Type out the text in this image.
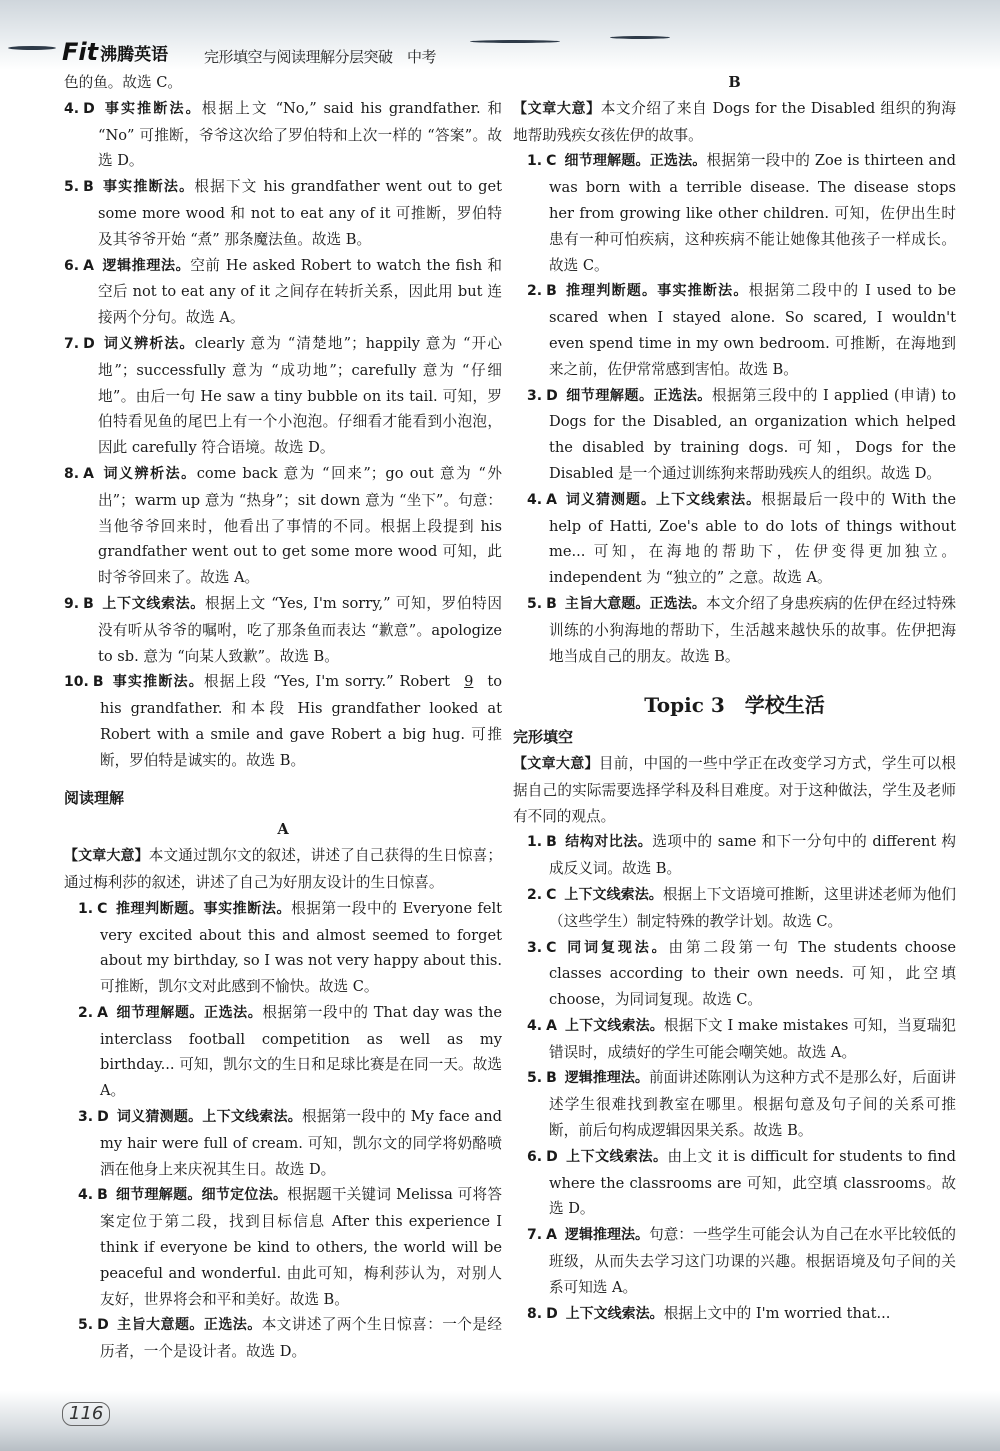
Fit 沸腾英语 完形填空与阅读理解分层突破　中考

色的鱼。故选 C。

4. D 事实推断法。根据上文 “No,” said his grandfather. 和 “No” 可推断，爷爷这次给了罗伯特和上次一样的 “答案”。故选 D。

5. B 事实推断法。根据下文 his grandfather went out to get some more wood 和 not to eat any of it 可推断，罗伯特及其爷爷开始 “煮” 那条魔法鱼。故选 B。

6. A 逻辑推理法。空前 He asked Robert to watch the fish 和空后 not to eat any of it 之间存在转折关系，因此用 but 连接两个分句。故选 A。

7. D 词义辨析法。clearly 意为 “清楚地”；happily 意为 “开心地”；successfully 意为 “成功地”；carefully 意为 “仔细地”。由后一句 He saw a tiny bubble on its tail. 可知，罗伯特看见鱼的尾巴上有一个小泡泡。仔细看才能看到小泡泡，因此 carefully 符合语境。故选 D。

8. A 词义辨析法。come back 意为 “回来”；go out 意为 “外出”；warm up 意为 “热身”；sit down 意为 “坐下”。句意：当他爷爷回来时，他看出了事情的不同。根据上段提到 his grandfather went out to get some more wood 可知，此时爷爷回来了。故选 A。

9. B 上下文线索法。根据上文 “Yes, I'm sorry,” 可知，罗伯特因没有听从爷爷的嘱咐，吃了那条鱼而表达 “歉意”。apologize to sb. 意为 “向某人致歉”。故选 B。

10. B 事实推断法。根据上段 “Yes, I'm sorry.” Robert 9 to his grandfather. 和本段 His grandfather looked at Robert with a smile and gave Robert a big hug. 可推断，罗伯特是诚实的。故选 B。

阅读理解

A

【文章大意】本文通过凯尔文的叙述，讲述了自己获得的生日惊喜；通过梅利莎的叙述，讲述了自己为好朋友设计的生日惊喜。

1. C 推理判断题。事实推断法。根据第一段中的 Everyone felt very excited about this and almost seemed to forget about my birthday, so I was not very happy about this. 可推断，凯尔文对此感到不愉快。故选 C。

2. A 细节理解题。正选法。根据第一段中的 That day was the interclass football competition as well as my birthday... 可知，凯尔文的生日和足球比赛是在同一天。故选 A。

3. D 词义猜测题。上下文线索法。根据第一段中的 My face and my hair were full of cream. 可知，凯尔文的同学将奶酪喷洒在他身上来庆祝其生日。故选 D。

4. B 细节理解题。细节定位法。根据题干关键词 Melissa 可将答案定位于第二段，找到目标信息 After this experience I think if everyone be kind to others, the world will be peaceful and wonderful. 由此可知，梅利莎认为，对别人友好，世界将会和平和美好。故选 B。

5. D 主旨大意题。正选法。本文讲述了两个生日惊喜：一个是经历者，一个是设计者。故选 D。

B

【文章大意】本文介绍了来自 Dogs for the Disabled 组织的狗海地帮助残疾女孩佐伊的故事。

1. C 细节理解题。正选法。根据第一段中的 Zoe is thirteen and was born with a terrible disease. The disease stops her from growing like other children. 可知，佐伊出生时患有一种可怕疾病，这种疾病不能让她像其他孩子一样成长。故选 C。

2. B 推理判断题。事实推断法。根据第二段中的 I used to be scared when I stayed alone. So scared, I wouldn't even spend time in my own bedroom. 可推断，在海地到来之前，佐伊常常感到害怕。故选 B。

3. D 细节理解题。正选法。根据第三段中的 I applied (申请) to Dogs for the Disabled, an organization which helped the disabled by training dogs. 可知，Dogs for the Disabled 是一个通过训练狗来帮助残疾人的组织。故选 D。

4. A 词义猜测题。上下文线索法。根据最后一段中的 With the help of Hatti, Zoe's able to do lots of things without me... 可知，在海地的帮助下，佐伊变得更加独立。independent 为 “独立的” 之意。故选 A。

5. B 主旨大意题。正选法。本文介绍了身患疾病的佐伊在经过特殊训练的小狗海地的帮助下，生活越来越快乐的故事。佐伊把海地当成自己的朋友。故选 B。

Topic 3　学校生活

完形填空

【文章大意】目前，中国的一些中学正在改变学习方式，学生可以根据自己的实际需要选择学科及科目难度。对于这种做法，学生及老师有不同的观点。

1. B 结构对比法。选项中的 same 和下一分句中的 different 构成反义词。故选 B。

2. C 上下文线索法。根据上下文语境可推断，这里讲述老师为他们（这些学生）制定特殊的教学计划。故选 C。

3. C 同词复现法。由第二段第一句 The students choose classes according to their own needs. 可知，此空填 choose，为同词复现。故选 C。

4. A 上下文线索法。根据下文 I make mistakes 可知，当夏瑞犯错误时，成绩好的学生可能会嘲笑她。故选 A。

5. B 逻辑推理法。前面讲述陈刚认为这种方式不是那么好，后面讲述学生很难找到教室在哪里。根据句意及句子间的关系可推断，前后句构成逻辑因果关系。故选 B。

6. D 上下文线索法。由上文 it is difficult for students to find where the classrooms are 可知，此空填 classrooms。故选 D。

7. A 逻辑推理法。句意：一些学生可能会认为自己在水平比较低的班级，从而失去学习这门功课的兴趣。根据语境及句子间的关系可知选 A。

8. D 上下文线索法。根据上文中的 I'm worried that...

116
